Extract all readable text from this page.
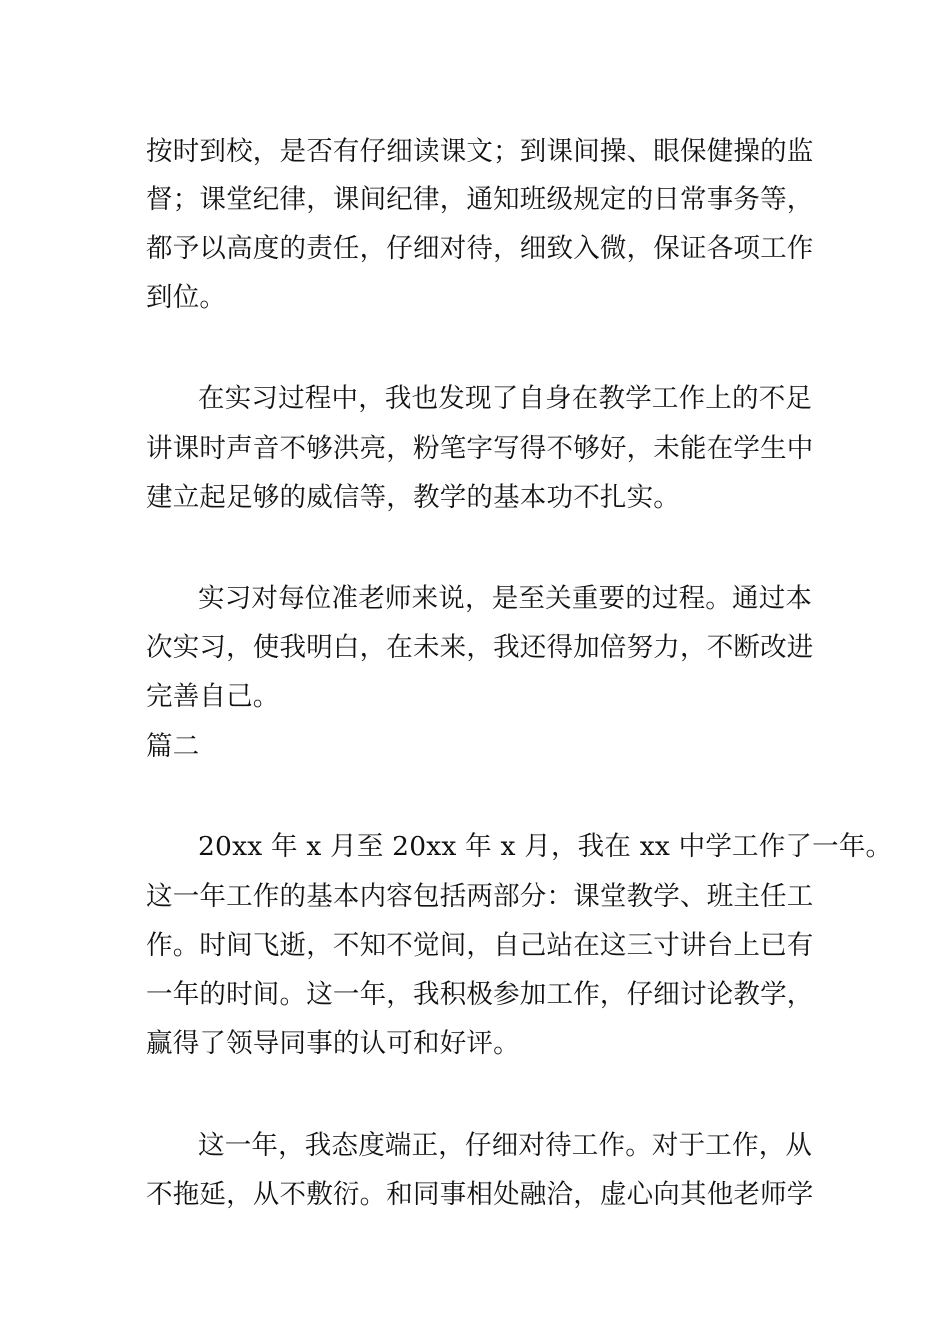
按时到校，是否有仔细读课文；到课间操、眼保健操的监
督；课堂纪律，课间纪律，通知班级规定的日常事务等，
都予以高度的责任，仔细对待，细致入微，保证各项工作
到位。
在实习过程中，我也发现了自身在教学工作上的不足
讲课时声音不够洪亮，粉笔字写得不够好，未能在学生中
建立起足够的威信等，教学的基本功不扎实。
实习对每位准老师来说，是至关重要的过程。通过本
次实习，使我明白，在未来，我还得加倍努力，不断改进
完善自己。
篇二
20xx 年 x 月至 20xx 年 x 月，我在 xx 中学工作了一年。
这一年工作的基本内容包括两部分：课堂教学、班主任工
作。时间飞逝，不知不觉间，自己站在这三寸讲台上已有
一年的时间。这一年，我积极参加工作，仔细讨论教学，
赢得了领导同事的认可和好评。
这一年，我态度端正，仔细对待工作。对于工作，从
不拖延，从不敷衍。和同事相处融洽，虚心向其他老师学
